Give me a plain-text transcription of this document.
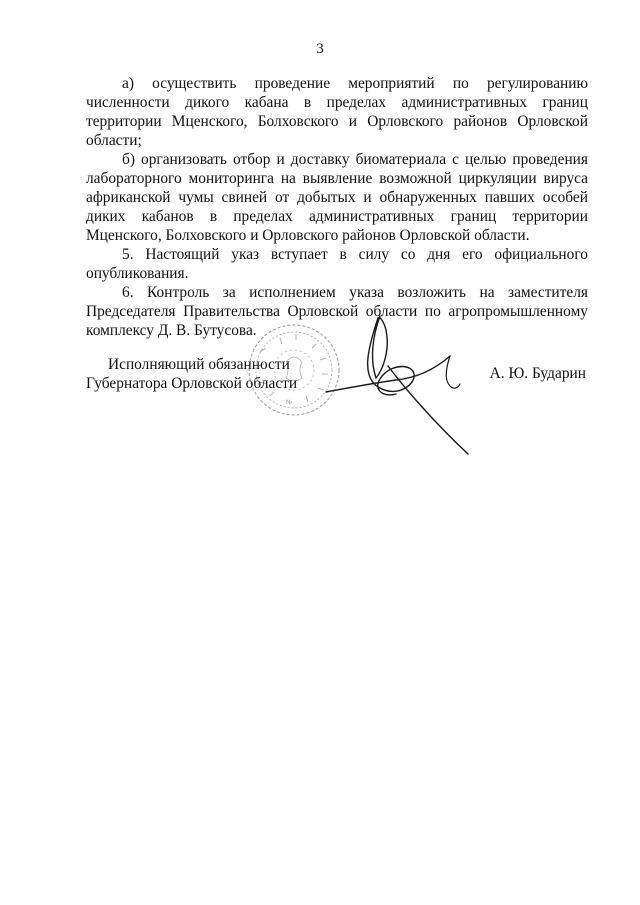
3

а) осуществить проведение мероприятий по регулированию численности дикого кабана в пределах административных границ территории Мценского, Болховского и Орловского районов Орловской области;

б) организовать отбор и доставку биоматериала с целью проведения лабораторного мониторинга на выявление возможной циркуляции вируса африканской чумы свиней от добытых и обнаруженных павших особей диких кабанов в пределах административных границ территории Мценского, Болховского и Орловского районов Орловской области.

5. Настоящий указ вступает в силу со дня его официального опубликования.

6. Контроль за исполнением указа возложить на заместителя Председателя Правительства Орловской области по агропромышленному комплексу Д. В. Бутусова.

№
Исполняющий обязанности
Губернатора Орловской области
А. Ю. Бударин
